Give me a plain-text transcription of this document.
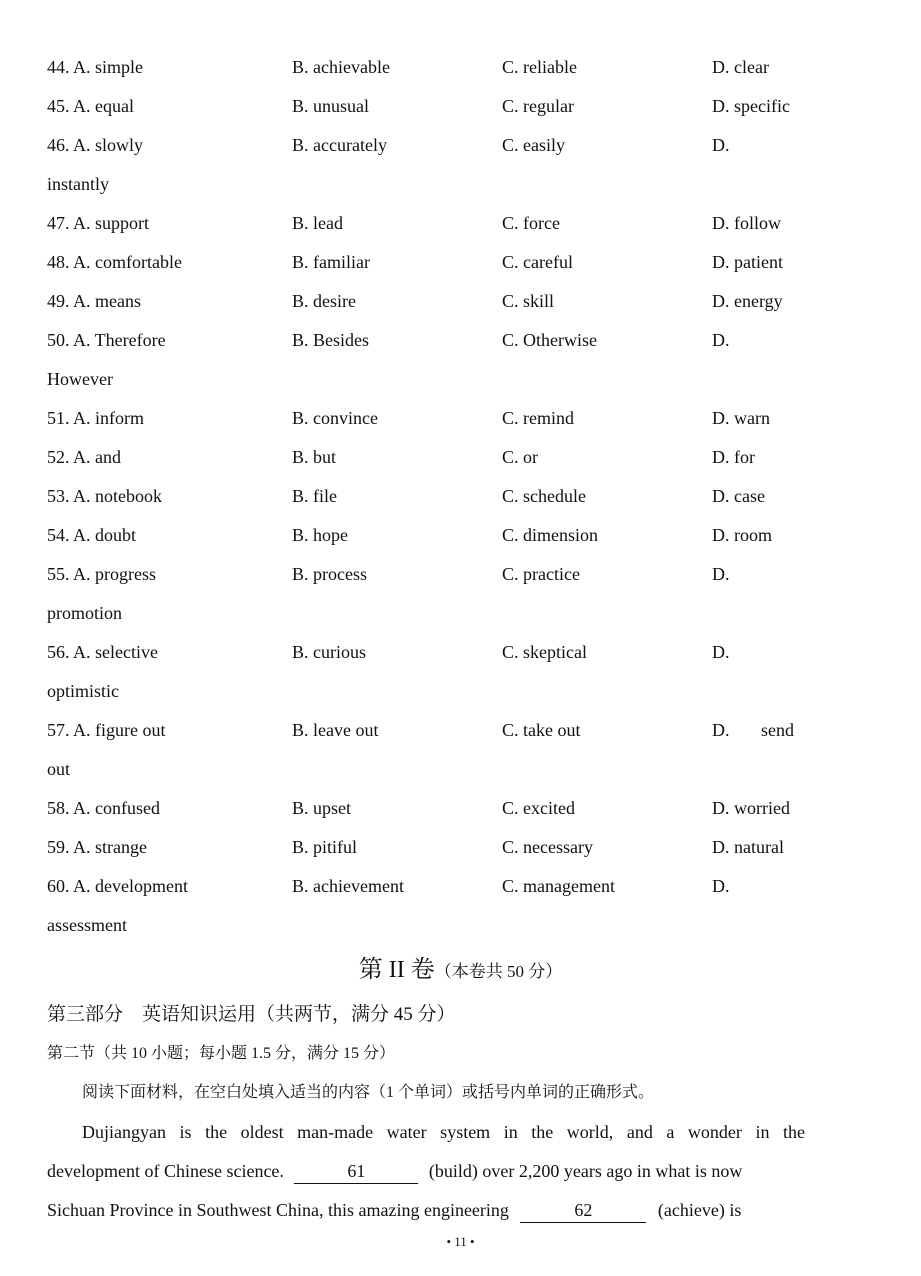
44. A. simple	B. achievable	C. reliable	D. clear
45. A. equal	B. unusual	C. regular	D. specific
46. A. slowly	B. accurately	C. easily	D.
instantly
47. A. support	B. lead	C. force	D. follow
48. A. comfortable	B. familiar	C. careful	D. patient
49. A. means	B. desire	C. skill	D. energy
50. A. Therefore	B. Besides	C. Otherwise	D.
However
51. A. inform	B. convince	C. remind	D. warn
52. A. and	B. but	C. or	D. for
53. A. notebook	B. file	C. schedule	D. case
54. A. doubt	B. hope	C. dimension	D. room
55. A. progress	B. process	C. practice	D.
promotion
56. A. selective	B. curious	C. skeptical	D.
optimistic
57. A. figure out	B. leave out	C. take out	D.       send
out
58. A. confused	B. upset	C. excited	D. worried
59. A. strange	B. pitiful	C. necessary	D. natural
60. A. development	B. achievement	C. management	D.
assessment
第 II 卷（本卷共 50 分）
第三部分　英语知识运用（共两节，满分 45 分）
第二节（共 10 小题；每小题 1.5 分，满分 15 分）
阅读下面材料，在空白处填入适当的内容（1 个单词）或括号内单词的正确形式。
Dujiangyan is the oldest man-made water system in the world, and a wonder in the
development of Chinese science.	61	(build) over 2,200 years ago in what is now
Sichuan Province in Southwest China, this amazing engineering	62	(achieve) is
• 11 •
